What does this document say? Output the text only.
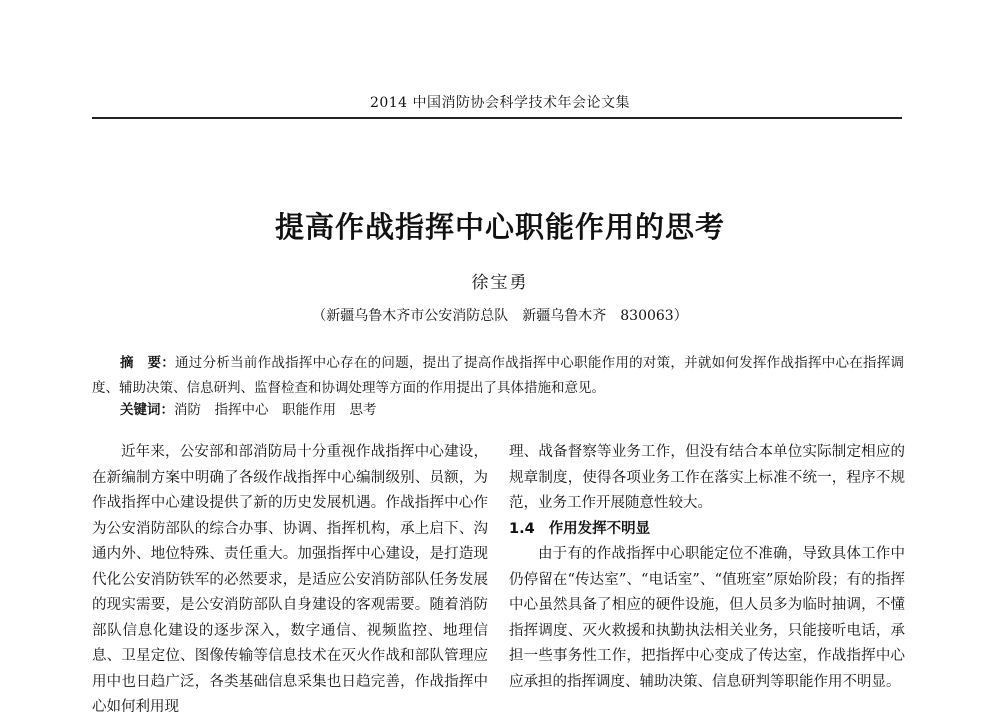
2014 中国消防协会科学技术年会论文集
提高作战指挥中心职能作用的思考
徐宝勇
（新疆乌鲁木齐市公安消防总队　新疆乌鲁木齐　830063）
摘　要：通过分析当前作战指挥中心存在的问题，提出了提高作战指挥中心职能作用的对策，并就如何发挥作战指挥中心在指挥调度、辅助决策、信息研判、监督检查和协调处理等方面的作用提出了具体措施和意见。
关键词：消防　指挥中心　职能作用　思考

近年来，公安部和部消防局十分重视作战指挥中心建设，在新编制方案中明确了各级作战指挥中心编制级别、员额，为作战指挥中心建设提供了新的历史发展机遇。作战指挥中心作为公安消防部队的综合办事、协调、指挥机构，承上启下、沟通内外、地位特殊、责任重大。加强指挥中心建设，是打造现代化公安消防铁军的必然要求，是适应公安消防部队任务发展的现实需要，是公安消防部队自身建设的客观需要。随着消防部队信息化建设的逐步深入，数字通信、视频监控、地理信息、卫星定位、图像传输等信息技术在灭火作战和部队管理应用中也日趋广泛，各类基础信息采集也日趋完善，作战指挥中心如何利用现

理、战备督察等业务工作，但没有结合本单位实际制定相应的规章制度，使得各项业务工作在落实上标准不统一，程序不规范，业务工作开展随意性较大。

1.4 作用发挥不明显

由于有的作战指挥中心职能定位不准确，导致具体工作中仍停留在“传达室”、“电话室”、“值班室”原始阶段；有的指挥中心虽然具备了相应的硬件设施，但人员多为临时抽调，不懂指挥调度、灭火救援和执勤执法相关业务，只能接听电话，承担一些事务性工作，把指挥中心变成了传达室，作战指挥中心应承担的指挥调度、辅助决策、信息研判等职能作用不明显。
